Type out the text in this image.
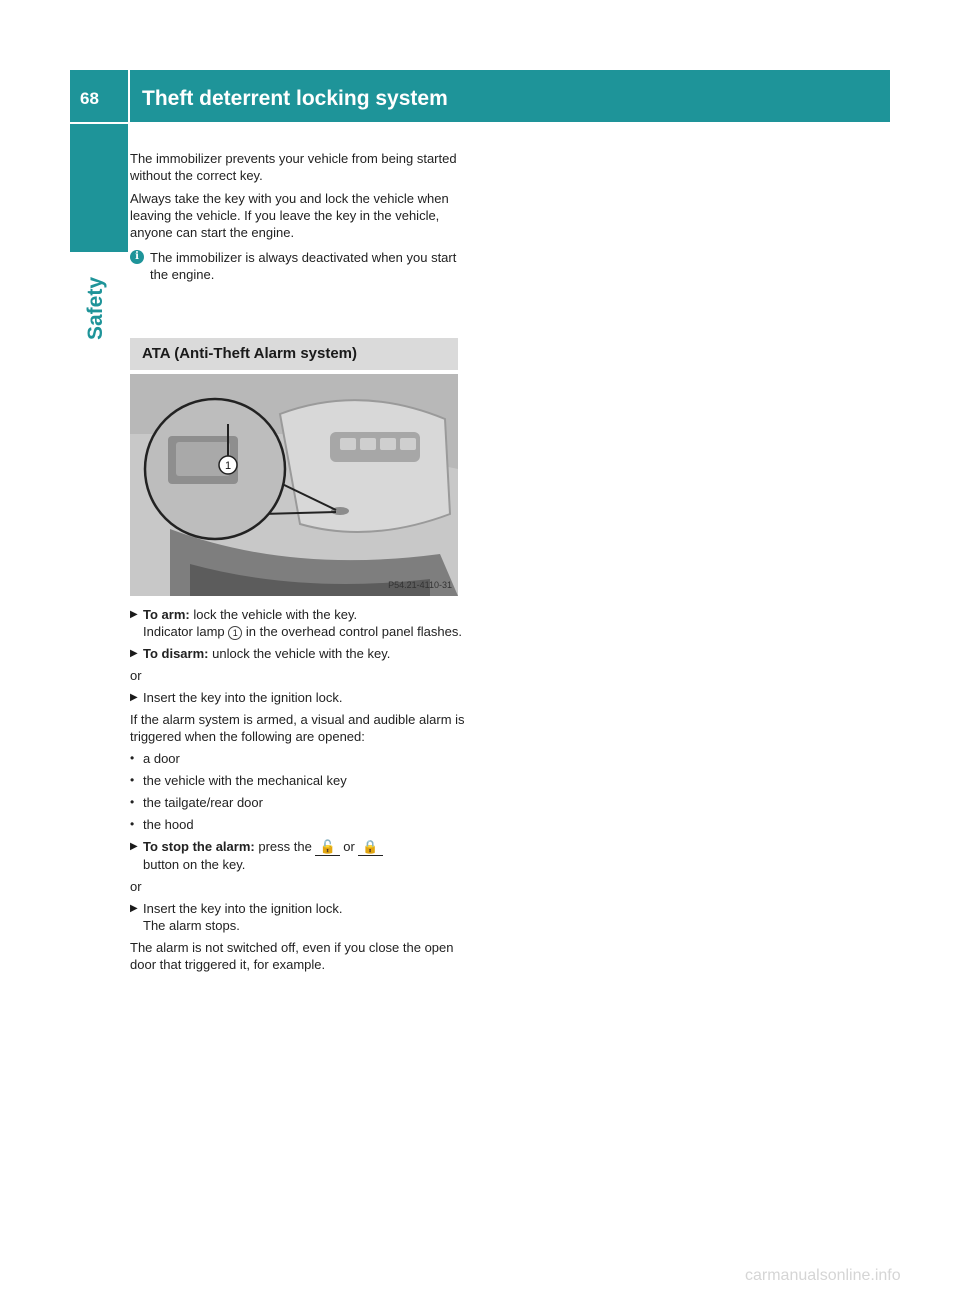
68 Theft deterrent locking system
Safety

The immobilizer prevents your vehicle from being started without the correct key.

Always take the key with you and lock the vehicle when leaving the vehicle. If you leave the key in the vehicle, anyone can start the engine.

i The immobilizer is always deactivated when you start the engine.
ATA (Anti-Theft Alarm system)
1
P54.21-4110-31
▶ To arm: lock the vehicle with the key.
Indicator lamp 1 in the overhead control panel flashes.
▶ To disarm: unlock the vehicle with the key.

or

▶ Insert the key into the ignition lock.

If the alarm system is armed, a visual and audible alarm is triggered when the following are opened:

• a door
• the vehicle with the mechanical key
• the tailgate/rear door
• the hood
▶ To stop the alarm: press the 🔓 or 🔒
button on the key.

or

▶ Insert the key into the ignition lock.
The alarm stops.

The alarm is not switched off, even if you close the open door that triggered it, for example.

carmanualsonline.info
